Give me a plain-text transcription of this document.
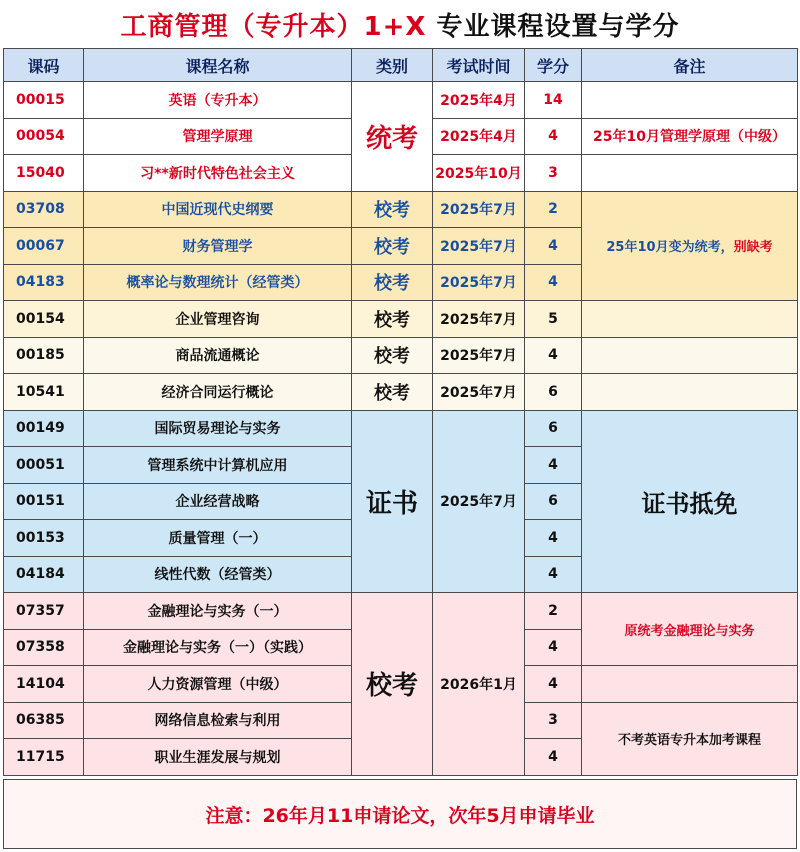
工商管理（专升本）1+X 专业课程设置与学分
课码	课程名称	类别	考试时间	学分	备注
00015	英语（专升本）	统考	2025年4月	14	
00054	管理学原理		2025年4月	4	25年10月管理学原理（中级）
15040	习**新时代特色社会主义		2025年10月	3	
03708	中国近现代史纲要	校考	2025年7月	2	25年10月变为统考，别缺考
00067	财务管理学	校考	2025年7月	4	
04183	概率论与数理统计（经管类）	校考	2025年7月	4	
00154	企业管理咨询	校考	2025年7月	5	
00185	商品流通概论	校考	2025年7月	4	
10541	经济合同运行概论	校考	2025年7月	6	
00149	国际贸易理论与实务	证书	2025年7月	6	证书抵免
00051	管理系统中计算机应用			4	
00151	企业经营战略			6	
00153	质量管理（一）			4	
04184	线性代数（经管类）			4	
07357	金融理论与实务（一）	校考	2026年1月	2	原统考金融理论与实务
07358	金融理论与实务（一）（实践）			4	
14104	人力资源管理（中级）			4	
06385	网络信息检索与利用			3	不考英语专升本加考课程
11715	职业生涯发展与规划			4	
注意：26年月11申请论文，次年5月申请毕业
